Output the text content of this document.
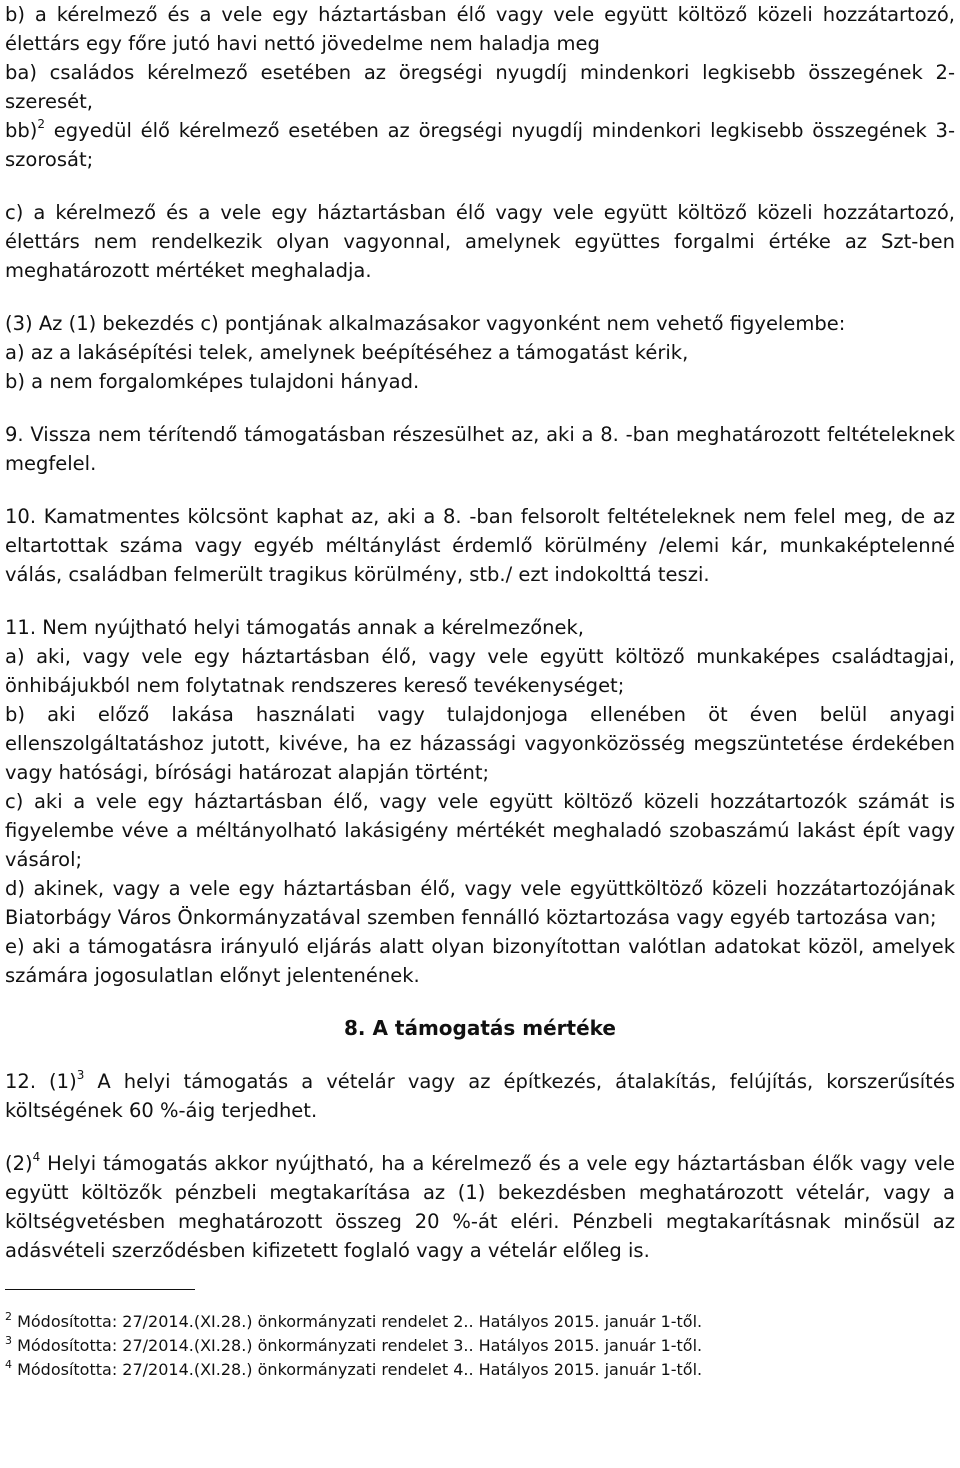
b) a kérelmező és a vele egy háztartásban élő vagy vele együtt költöző közeli hozzátartozó, élettárs egy főre jutó havi nettó jövedelme nem haladja meg

ba) családos kérelmező esetében az öregségi nyugdíj mindenkori legkisebb összegének 2-szeresét,

bb)$^2$ egyedül élő kérelmező esetében az öregségi nyugdíj mindenkori legkisebb összegének 3-szorosát;

c) a kérelmező és a vele egy háztartásban élő vagy vele együtt költöző közeli hozzátartozó, élettárs nem rendelkezik olyan vagyonnal, amelynek együttes forgalmi értéke az Szt-ben meghatározott mértéket meghaladja.

(3) Az (1) bekezdés c) pontjának alkalmazásakor vagyonként nem vehető figyelembe:

a) az a lakásépítési telek, amelynek beépítéséhez a támogatást kérik,

b) a nem forgalomképes tulajdoni hányad.

9. Vissza nem térítendő támogatásban részesülhet az, aki a 8. -ban meghatározott feltételeknek megfelel.

10. Kamatmentes kölcsönt kaphat az, aki a 8. -ban felsorolt feltételeknek nem felel meg, de az eltartottak száma vagy egyéb méltánylást érdemlő körülmény /elemi kár, munkaképtelenné válás, családban felmerült tragikus körülmény, stb./ ezt indokolttá teszi.

11. Nem nyújtható helyi támogatás annak a kérelmezőnek,

a) aki, vagy vele egy háztartásban élő, vagy vele együtt költöző munkaképes családtagjai, önhibájukból nem folytatnak rendszeres kereső tevékenységet;

b) aki előző lakása használati vagy tulajdonjoga ellenében öt éven belül anyagi ellenszolgáltatáshoz jutott, kivéve, ha ez házassági vagyonközösség megszüntetése érdekében vagy hatósági, bírósági határozat alapján történt;

c) aki a vele egy háztartásban élő, vagy vele együtt költöző közeli hozzátartozók számát is figyelembe véve a méltányolható lakásigény mértékét meghaladó szobaszámú lakást épít vagy vásárol;

d) akinek, vagy a vele egy háztartásban élő, vagy vele együttköltöző közeli hozzátartozójának Biatorbágy Város Önkormányzatával szemben fennálló köztartozása vagy egyéb tartozása van;

e) aki a támogatásra irányuló eljárás alatt olyan bizonyítottan valótlan adatokat közöl, amelyek számára jogosulatlan előnyt jelentenének.

8. A támogatás mértéke

12. $(1)^3$ A helyi támogatás a vételár vagy az építkezés, átalakítás, felújítás, korszerűsítés költségének 60 %-áig terjedhet.

$(2)^4$ Helyi támogatás akkor nyújtható, ha a kérelmező és a vele egy háztartásban élők vagy vele együtt költözők pénzbeli megtakarítása az (1) bekezdésben meghatározott vételár, vagy a költségvetésben meghatározott összeg 20 %-át eléri. Pénzbeli megtakarításnak minősül az adásvételi szerződésben kifizetett foglaló vagy a vételár előleg is.

$^2$ Módosította: 27/2014.(XI.28.) önkormányzati rendelet 2.. Hatályos 2015. január 1-től.

$^3$ Módosította: 27/2014.(XI.28.) önkormányzati rendelet 3.. Hatályos 2015. január 1-től.

$^4$ Módosította: 27/2014.(XI.28.) önkormányzati rendelet 4.. Hatályos 2015. január 1-től.
